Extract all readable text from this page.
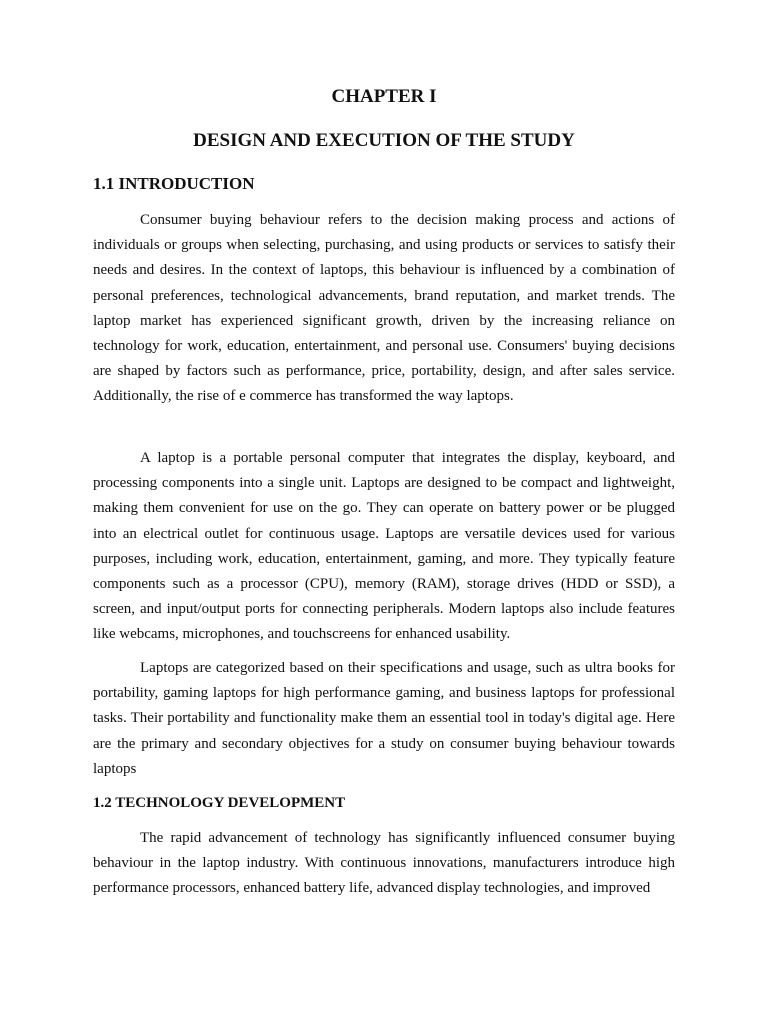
CHAPTER I
DESIGN AND EXECUTION OF THE STUDY
1.1 INTRODUCTION

Consumer buying behaviour refers to the decision making process and actions of individuals or groups when selecting, purchasing, and using products or services to satisfy their needs and desires. In the context of laptops, this behaviour is influenced by a combination of personal preferences, technological advancements, brand reputation, and market trends. The laptop market has experienced significant growth, driven by the increasing reliance on technology for work, education, entertainment, and personal use. Consumers' buying decisions are shaped by factors such as performance, price, portability, design, and after sales service. Additionally, the rise of e commerce has transformed the way laptops.

A laptop is a portable personal computer that integrates the display, keyboard, and processing components into a single unit. Laptops are designed to be compact and lightweight, making them convenient for use on the go. They can operate on battery power or be plugged into an electrical outlet for continuous usage. Laptops are versatile devices used for various purposes, including work, education, entertainment, gaming, and more. They typically feature components such as a processor (CPU), memory (RAM), storage drives (HDD or SSD), a screen, and input/output ports for connecting peripherals. Modern laptops also include features like webcams, microphones, and touchscreens for enhanced usability.

Laptops are categorized based on their specifications and usage, such as ultra books for portability, gaming laptops for high performance gaming, and business laptops for professional tasks. Their portability and functionality make them an essential tool in today's digital age. Here are the primary and secondary objectives for a study on consumer buying behaviour towards laptops

1.2 TECHNOLOGY DEVELOPMENT

The rapid advancement of technology has significantly influenced consumer buying behaviour in the laptop industry. With continuous innovations, manufacturers introduce high performance processors, enhanced battery life, advanced display technologies, and improved
